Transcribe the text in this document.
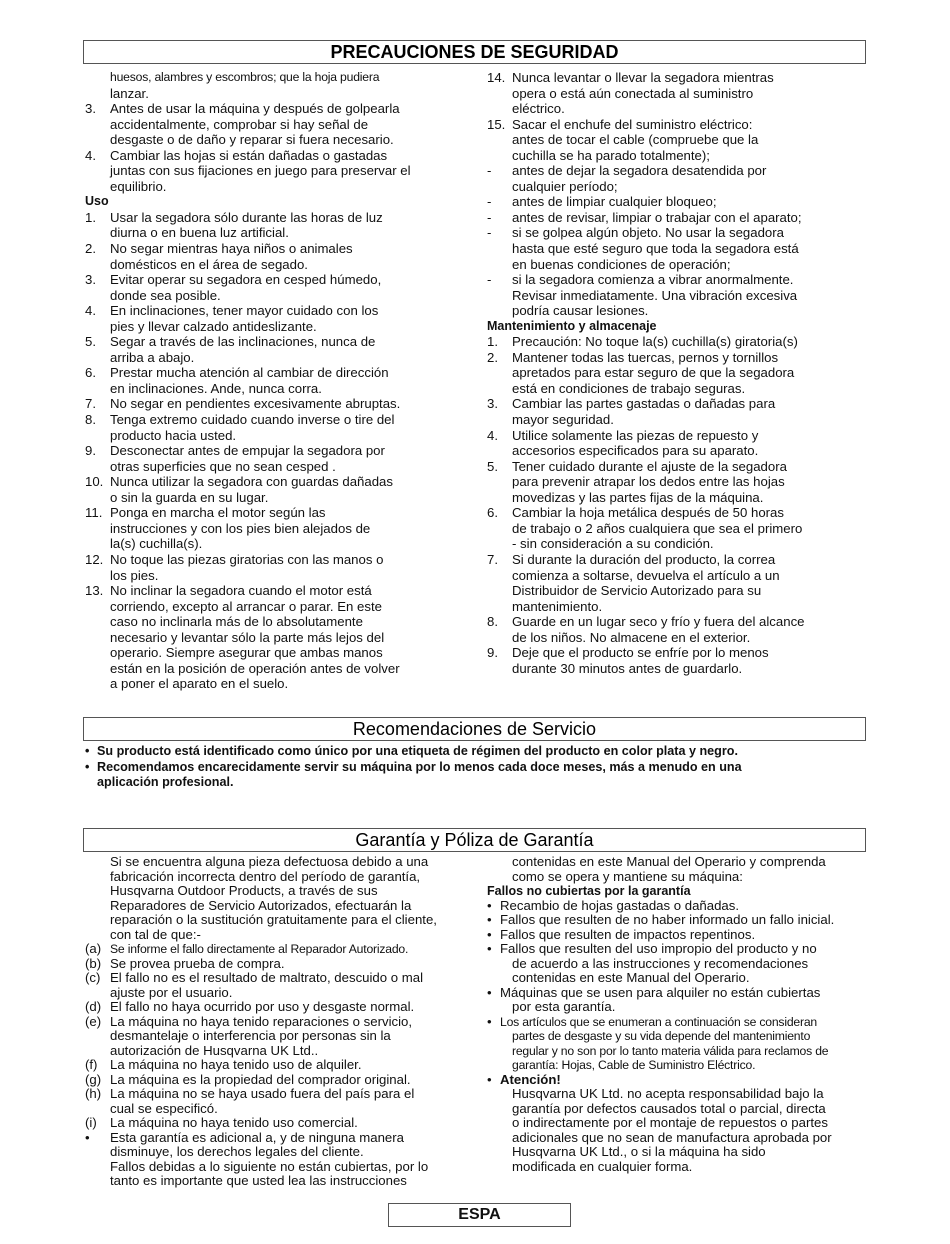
PRECAUCIONES DE SEGURIDAD
huesos, alambres y escombros; que la hoja pudiera
lanzar.
3.	Antes de usar la máquina y después de golpearla
accidentalmente, comprobar si hay señal de
desgaste o de daño y reparar si fuera necesario.
4.	Cambiar las hojas si están dañadas o gastadas
juntas con sus fijaciones en juego para preservar el
equilibrio.
Uso
1.	Usar la segadora sólo durante las horas de luz
diurna o en buena luz artificial.
2.	No segar mientras haya niños o animales
domésticos en el área de segado.
3.	Evitar operar su segadora en cesped húmedo,
donde sea posible.
4.	En inclinaciones, tener mayor cuidado con los
pies y llevar calzado antideslizante.
5.	Segar a través de las inclinaciones, nunca de
arriba a abajo.
6.	Prestar mucha atención al cambiar de dirección
en inclinaciones. Ande, nunca corra.
7.	No segar en pendientes excesivamente abruptas.
8.	Tenga extremo cuidado cuando inverse o tire del
producto hacia usted.
9.	Desconectar antes de empujar la segadora por
otras superficies que no sean cesped .
10. Nunca utilizar la segadora con guardas dañadas
o sin la guarda en su lugar.
11. Ponga en marcha el motor según las
instrucciones y con los pies bien alejados de
la(s) cuchilla(s).
12. No toque las piezas giratorias con las manos o
los pies.
13. No inclinar la segadora cuando el motor está
corriendo, excepto al arrancar o parar. En este
caso no inclinarla más de lo absolutamente
necesario y levantar sólo la parte más lejos del
operario. Siempre asegurar que ambas manos
están en la posición de operación antes de volver
a poner el aparato en el suelo.
14. Nunca levantar o llevar la segadora mientras
opera o está aún conectada al suministro
eléctrico.
15. Sacar el enchufe del suministro eléctrico:
antes de tocar el cable (compruebe que la
cuchilla se ha parado totalmente);
-	antes de dejar la segadora desatendida por
cualquier período;
-	antes de limpiar cualquier bloqueo;
-	antes de revisar, limpiar o trabajar con el aparato;
-	si se golpea algún objeto. No usar la segadora
hasta que esté seguro que toda la segadora está
en buenas condiciones de operación;
-	si la segadora comienza a vibrar anormalmente.
Revisar inmediatamente. Una vibración excesiva
podría causar lesiones.
Mantenimiento y almacenaje
1.	Precaución: No toque la(s) cuchilla(s) giratoria(s)
2.	Mantener todas las tuercas, pernos y tornillos
apretados para estar seguro de que la segadora
está en condiciones de trabajo seguras.
3.	Cambiar las partes gastadas o dañadas para
mayor seguridad.
4.	Utilice solamente las piezas de repuesto y
accesorios especificados para su aparato.
5.	Tener cuidado durante el ajuste de la segadora
para prevenir atrapar los dedos entre las hojas
movedizas y las partes fijas de la máquina.
6.	Cambiar la hoja metálica después de 50 horas
de trabajo o 2 años cualquiera que sea el primero
- sin consideración a su condición.
7.	Si durante la duración del producto, la correa
comienza a soltarse, devuelva el artículo a un
Distribuidor de Servicio Autorizado para su
mantenimiento.
8.	Guarde en un lugar seco y frío y fuera del alcance
de los niños. No almacene en el exterior.
9.	Deje que el producto se enfríe por lo menos
durante 30 minutos antes de guardarlo.
Recomendaciones de Servicio
• Su producto está identificado como único por una etiqueta de régimen del producto en color plata y negro.
• Recomendamos encarecidamente servir su máquina por lo menos cada doce meses, más a menudo en una
aplicación profesional.
Garantía y Póliza de Garantía
Si se encuentra alguna pieza defectuosa debido a una
fabricación incorrecta dentro del período de garantía,
Husqvarna Outdoor Products, a través de sus
Reparadores de Servicio Autorizados, efectuarán la
reparación o la sustitución gratuitamente para el cliente,
con tal de que:-
(a) Se informe el fallo directamente al Reparador Autorizado.
(b) Se provea prueba de compra.
(c) El fallo no es el resultado de maltrato, descuido o mal
ajuste por el usuario.
(d) El fallo no haya ocurrido por uso y desgaste normal.
(e) La máquina no haya tenido reparaciones o servicio,
desmantelaje o interferencia por personas sin la
autorización de Husqvarna UK Ltd..
(f) La máquina no haya tenido uso de alquiler.
(g) La máquina es la propiedad del comprador original.
(h) La máquina no se haya usado fuera del país para el
cual se especificó.
(i)	La máquina no haya tenido uso comercial.
•	Esta garantía es adicional a, y de ninguna manera
disminuye, los derechos legales del cliente.
Fallos debidas a lo siguiente no están cubiertas, por lo
tanto es importante que usted lea las instrucciones
contenidas en este Manual del Operario y comprenda
como se opera y mantiene su máquina:
Fallos no cubiertas por la garantía
• Recambio de hojas gastadas o dañadas.
• Fallos que resulten de no haber informado un fallo inicial.
• Fallos que resulten de impactos repentinos.
• Fallos que resulten del uso impropio del producto y no
de acuerdo a las instrucciones y recomendaciones
contenidas en este Manual del Operario.
• Máquinas que se usen para alquiler no están cubiertas
por esta garantía.
• Los artículos que se enumeran a continuación se consideran
partes de desgaste y su vida depende del mantenimiento
regular y no son por lo tanto materia válida para reclamos de
garantía: Hojas, Cable de Suministro Eléctrico.
• Atención!
Husqvarna UK Ltd. no acepta responsabilidad bajo la
garantía por defectos causados total o parcial, directa
o indirectamente por el montaje de repuestos o partes
adicionales que no sean de manufactura aprobada por
Husqvarna UK Ltd., o si la máquina ha sido
modificada en cualquier forma.
ESPA
